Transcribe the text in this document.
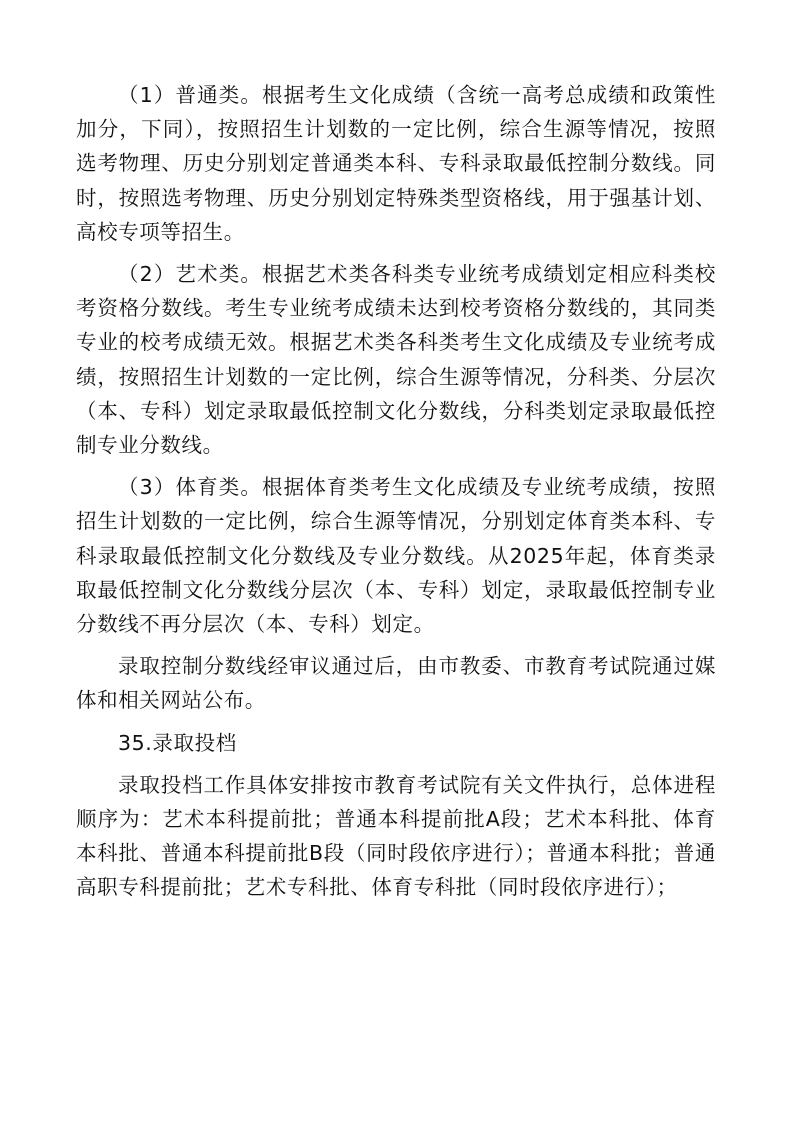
（1）普通类。根据考生文化成绩（含统一高考总成绩和政策性加分，下同），按照招生计划数的一定比例，综合生源等情况，按照选考物理、历史分别划定普通类本科、专科录取最低控制分数线。同时，按照选考物理、历史分别划定特殊类型资格线，用于强基计划、高校专项等招生。

（2）艺术类。根据艺术类各科类专业统考成绩划定相应科类校考资格分数线。考生专业统考成绩未达到校考资格分数线的，其同类专业的校考成绩无效。根据艺术类各科类考生文化成绩及专业统考成绩，按照招生计划数的一定比例，综合生源等情况，分科类、分层次（本、专科）划定录取最低控制文化分数线，分科类划定录取最低控制专业分数线。

（3）体育类。根据体育类考生文化成绩及专业统考成绩，按照招生计划数的一定比例，综合生源等情况，分别划定体育类本科、专科录取最低控制文化分数线及专业分数线。从2025年起，体育类录取最低控制文化分数线分层次（本、专科）划定，录取最低控制专业分数线不再分层次（本、专科）划定。

录取控制分数线经审议通过后，由市教委、市教育考试院通过媒体和相关网站公布。

35.录取投档

录取投档工作具体安排按市教育考试院有关文件执行，总体进程顺序为：艺术本科提前批；普通本科提前批A段；艺术本科批、体育本科批、普通本科提前批B段（同时段依序进行）；普通本科批；普通高职专科提前批；艺术专科批、体育专科批（同时段依序进行）；
